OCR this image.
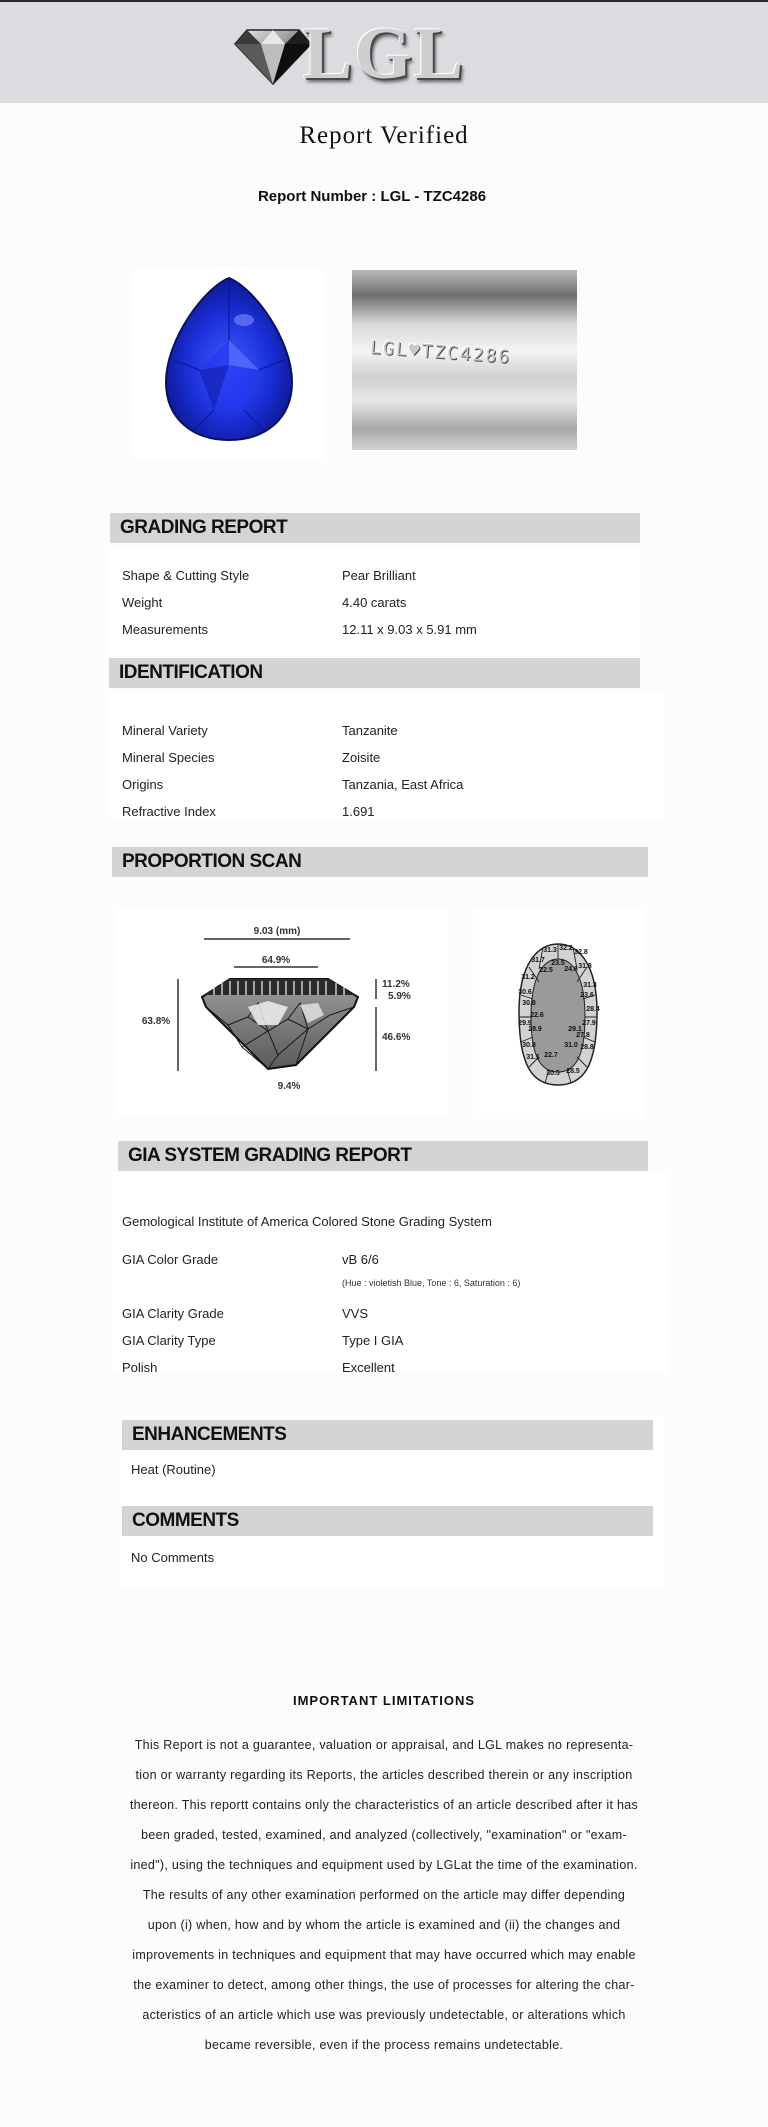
LGL
Report Verified
Report Number : LGL - TZC4286
LGL♥TZC4286
GRADING REPORT
Shape & Cutting Style	Pear Brilliant
Weight	4.40 carats
Measurements	12.11 x 9.03 x 5.91 mm
IDENTIFICATION
Mineral Variety	Tanzanite
Mineral Species	Zoisite
Origins	Tanzania, East Africa
Refractive Index	1.691
PROPORTION SCAN
9.03 (mm)
64.9%
63.8%
11.2%
5.9%
46.6%
9.4%
31.3 32.2
32.8
31.7
22.5
23.5
24.8 31.8
31.2
31.3
30.6	23.6
28.4
30.8
22.6
27.9
29.9
28.9
27.8
29.1
28.8
31.0
30.8
22.7
31.1
30.5 28.5
GIA SYSTEM GRADING REPORT
Gemological Institute of America Colored Stone Grading System
GIA Color Grade	vB 6/6
(Hue : violetish Blue, Tone : 6, Saturation : 6)
GIA Clarity Grade	VVS
GIA Clarity Type	Type I GIA
Polish	Excellent
ENHANCEMENTS
Heat (Routine)
COMMENTS
No Comments
IMPORTANT LIMITATIONS
This Report is not a guarantee, valuation or appraisal, and LGL makes no representa-
tion or warranty regarding its Reports, the articles described therein or any inscription
thereon. This reportt contains only the characteristics of an article described after it has
been graded, tested, examined, and analyzed (collectively, "examination" or "exam-
ined"), using the techniques and equipment used by LGLat the time of the examination.
The results of any other examination performed on the article may differ depending
upon (i) when, how and by whom the article is examined and (ii) the changes and
improvements in techniques and equipment that may have occurred which may enable
the examiner to detect, among other things, the use of processes for altering the char-
acteristics of an article which use was previously undetectable, or alterations which
became reversible, even if the process remains undetectable.
